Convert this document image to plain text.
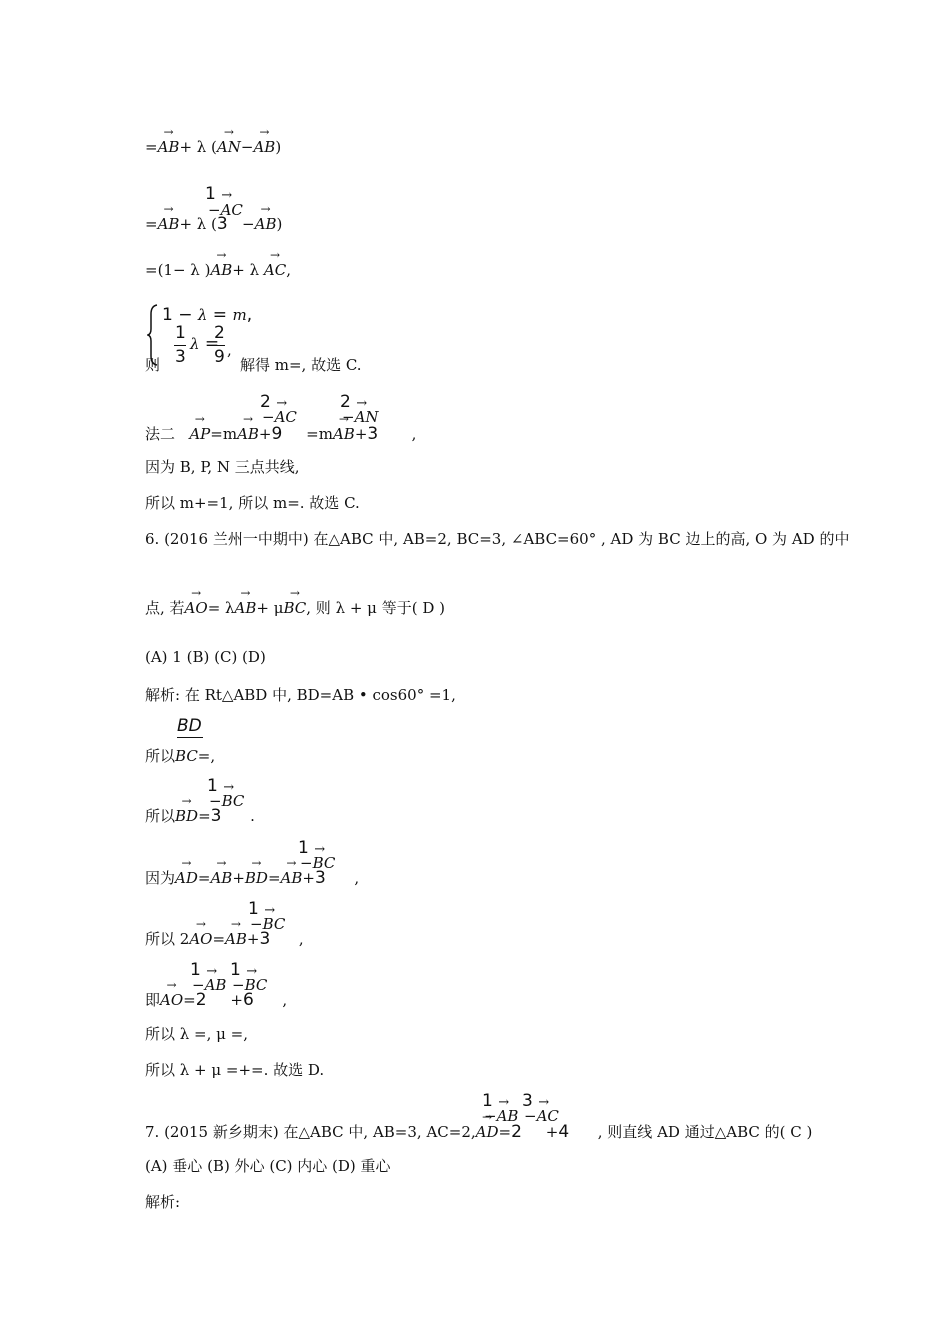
=→ AB+ λ (→ AN−→ AB)
1 →
−AC
=→ AB+ λ (3   −→ AB)
=(1− λ )→ AB+ λ → AC,
1 − λ = m,
1
3
λ =
2
9 ,
则	解得 m=, 故选 C.
2 →
−AC
2 →
−AN
法二   → AP=m→ AB+9     =m→ AB+3       ,
因为 B, P, N 三点共线,
所以 m+=1, 所以 m=. 故选 C.
6. (2016 兰州一中期中) 在△ABC 中, AB=2, BC=3, ∠ABC=60° , AD 为 BC 边上的高, O 为 AD 的中
点, 若→ AO= λ→ AB+ μ→ BC, 则 λ + μ 等于( D )
(A) 1 (B) (C) (D)
解析: 在 Rt△ABD 中, BD=AB • cos60° =1,
BD
所以BC=,
1 →
−BC
所以→ BD=3      .
1 →
−BC
因为→ AD=→ AB+→ BD=→ AB+3      ,
1 →
−BC
所以 2→ AO=→ AB+3      ,
1 →
−AB
1 →
−BC
即→ AO=2     +6      ,
所以 λ =, μ =,
所以 λ + μ =+=. 故选 D.
1 →
−AB
3 →
−AC
7. (2015 新乡期末) 在△ABC 中, AB=3, AC=2,→ AD=2     +4 , 则直线 AD 通过△ABC 的( C )
(A) 垂心 (B) 外心 (C) 内心 (D) 重心
解析:
